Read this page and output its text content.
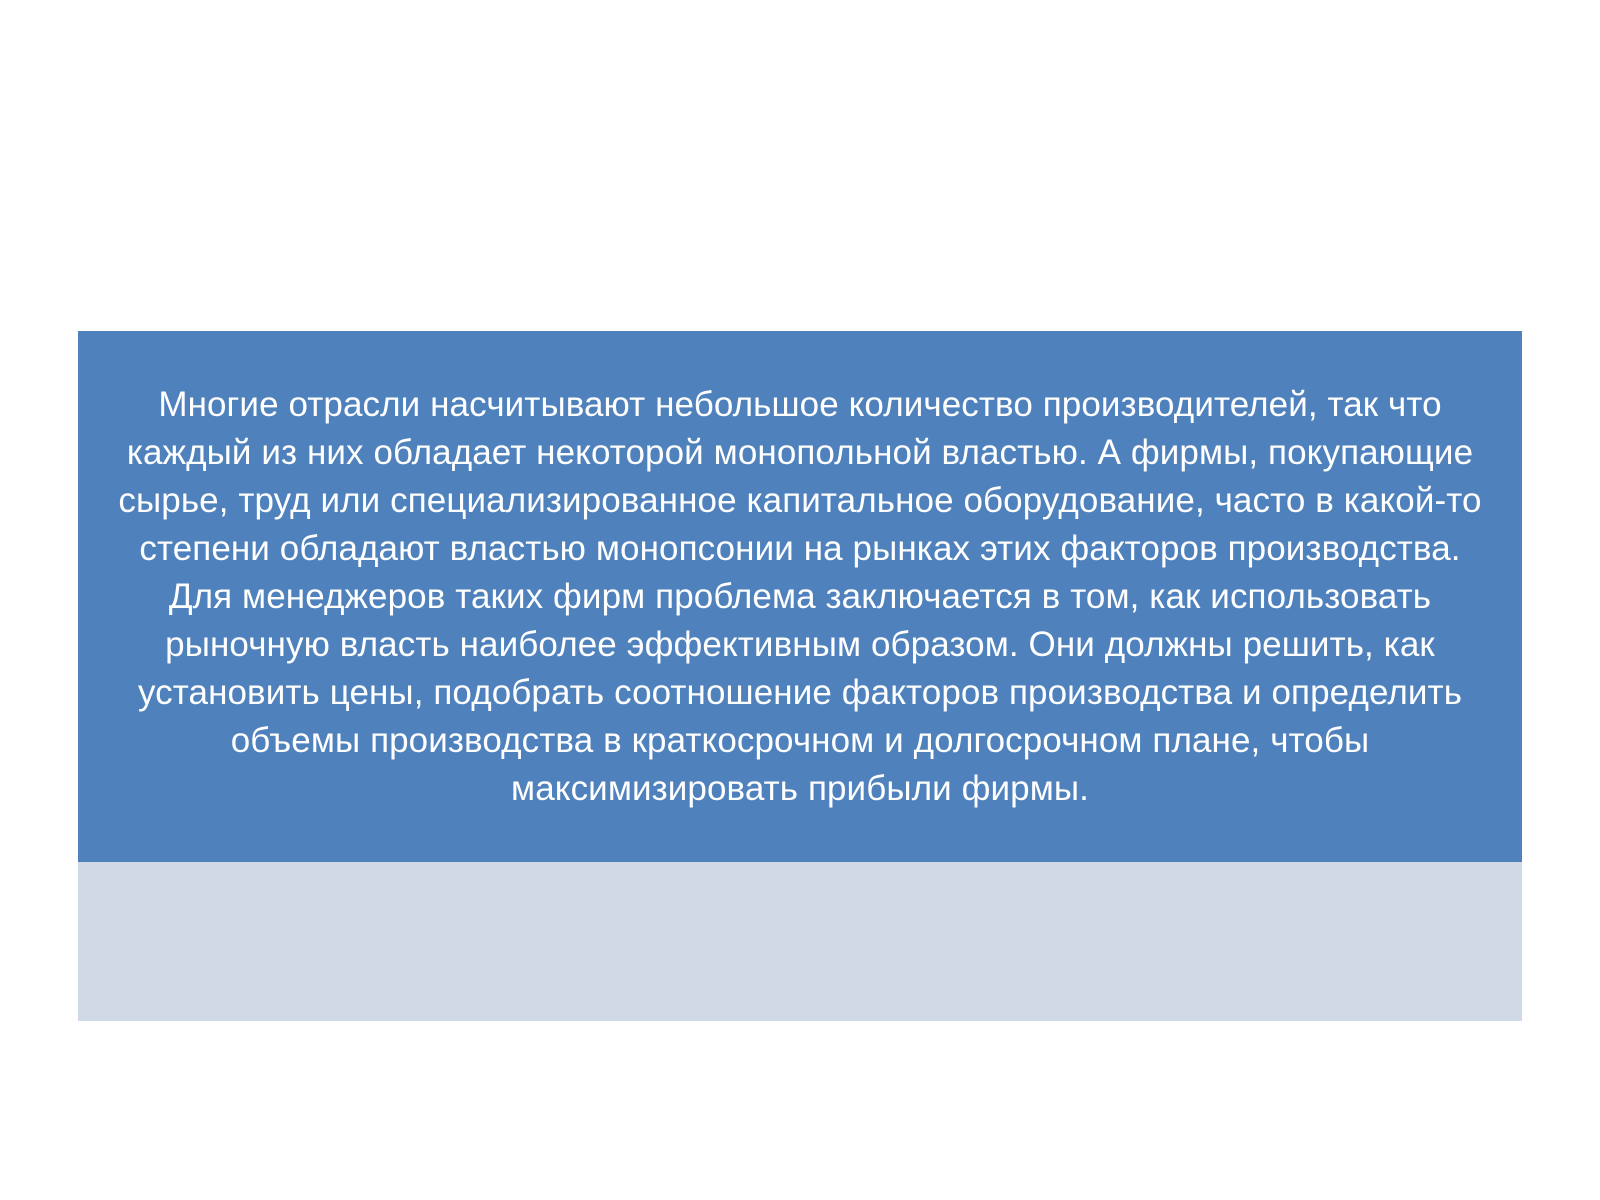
Многие отрасли насчитывают небольшое количество производителей, так что каждый из них обладает некоторой монопольной властью. А фирмы, покупающие сырье, труд или специализированное капитальное оборудование, часто в какой-то степени обладают властью монопсонии на рынках этих факторов производства. Для менеджеров таких фирм проблема заключается в том, как использовать рыночную власть наиболее эффективным образом. Они должны решить, как установить цены, подобрать соотношение факторов производства и определить объемы производства в краткосрочном и долгосрочном плане, чтобы максимизировать прибыли фирмы.
